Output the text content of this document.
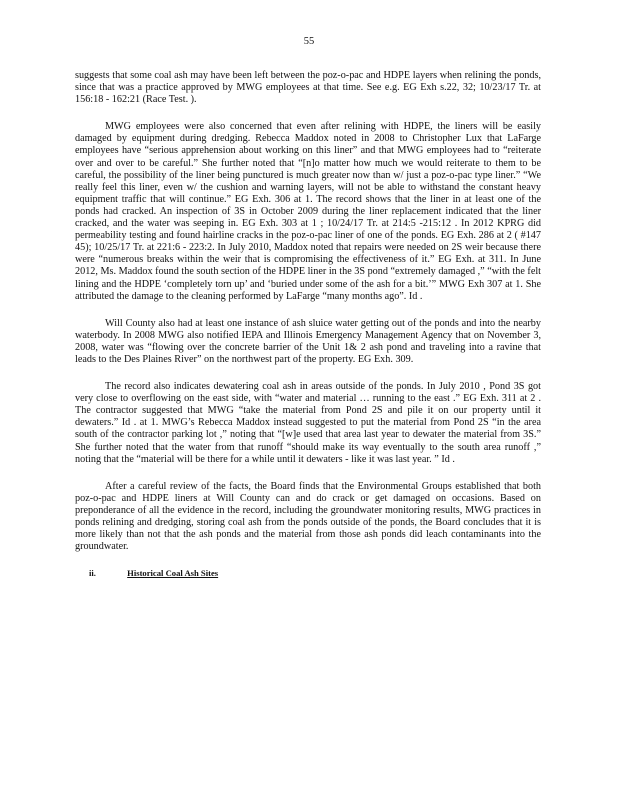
55

suggests that some coal ash may have been left between the poz-o-pac and HDPE layers when relining the ponds, since that was a practice approved by MWG employees at that time. See e.g. EG Exh s.22, 32; 10/23/17 Tr. at 156:18 - 162:21 (Race Test. ).

MWG employees were also concerned that even after relining with HDPE, the liners will be easily damaged by equipment during dredging. Rebecca Maddox noted in 2008 to Christopher Lux that LaFarge employees have “serious apprehension about working on this liner” and that MWG employees had to “reiterate over and over to be careful.” She further noted that “[n]o matter how much we would reiterate to them to be careful, the possibility of the liner being punctured is much greater now than w/ just a poz-o-pac type liner.” “We really feel this liner, even w/ the cushion and warning layers, will not be able to withstand the constant heavy equipment traffic that will continue.” EG Exh. 306 at 1. The record shows that the liner in at least one of the ponds had cracked. An inspection of 3S in October 2009 during the liner replacement indicated that the liner cracked, and the water was seeping in. EG Exh. 303 at 1 ; 10/24/17 Tr. at 214:5 -215:12 . In 2012 KPRG did permeability testing and found hairline cracks in the poz-o-pac liner of one of the ponds. EG Exh. 286 at 2 ( #147 45); 10/25/17 Tr. at 221:6 - 223:2. In July 2010, Maddox noted that repairs were needed on 2S weir because there were “numerous breaks within the weir that is compromising the effectiveness of it.” EG Exh. at 311. In June 2012, Ms. Maddox found the south section of the HDPE liner in the 3S pond “extremely damaged ,” “with the felt lining and the HDPE ‘completely torn up’ and ‘buried under some of the ash for a bit.’” MWG Exh 307 at 1. She attributed the damage to the cleaning performed by LaFarge “many months ago”. Id .

Will County also had at least one instance of ash sluice water getting out of the ponds and into the nearby waterbody. In 2008 MWG also notified IEPA and Illinois Emergency Management Agency that on November 3, 2008, water was “flowing over the concrete barrier of the Unit 1& 2 ash pond and traveling into a ravine that leads to the Des Plaines River” on the northwest part of the property. EG Exh. 309.

The record also indicates dewatering coal ash in areas outside of the ponds. In July 2010 , Pond 3S got very close to overflowing on the east side, with “water and material … running to the east .” EG Exh. 311 at 2 . The contractor suggested that MWG “take the material from Pond 2S and pile it on our property until it dewaters.” Id . at 1. MWG’s Rebecca Maddox instead suggested to put the material from Pond 2S “in the area south of the contractor parking lot ,” noting that “[w]e used that area last year to dewater the material from 3S.” She further noted that the water from that runoff “should make its way eventually to the south area runoff ,” noting that the “material will be there for a while until it dewaters - like it was last year. ” Id .

After a careful review of the facts, the Board finds that the Environmental Groups established that both poz-o-pac and HDPE liners at Will County can and do crack or get damaged on occasions. Based on preponderance of all the evidence in the record, including the groundwater monitoring results, MWG practices in ponds relining and dredging, storing coal ash from the ponds outside of the ponds, the Board concludes that it is more likely than not that the ash ponds and the material from those ash ponds did leach contaminants into the groundwater.

ii.	Historical Coal Ash Sites
